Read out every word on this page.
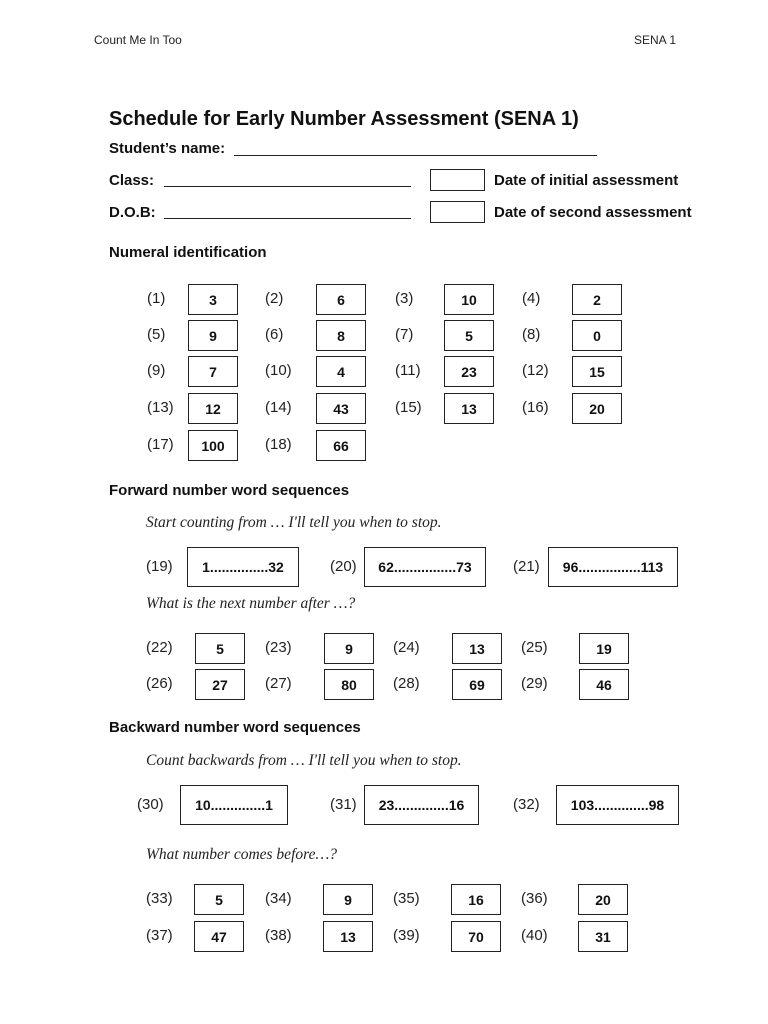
Count Me In Too	SENA 1
Schedule for Early Number Assessment (SENA 1)
Student’s name:
Class:
D.O.B:
Date of initial assessment
Date of second assessment
Numeral identification
(1)	3	(2)	6	(3)	10	(4)	2
(5)	9	(6)	8	(7)	5	(8)	0
(9)	7	(10)	4	(11)	23	(12)	15
(13)	12	(14)	43	(15)	13	(16)	20
(17)	100	(18)	66
Forward number word sequences
Start counting from … I'll tell you when to stop.
(19)	1...............32	(20)	62................73	(21)	96................113
What is the next number after …?
(22)	5	(23)	9	(24)	13	(25)	19
(26)	27	(27)	80	(28)	69	(29)	46
Backward number word sequences
Count backwards from … I'll tell you when to stop.
(30)	10..............1	(31)	23..............16	(32)	103..............98
What number comes before…?
(33)	5	(34)	9	(35)	16	(36)	20
(37)	47	(38)	13	(39)	70	(40)	31
